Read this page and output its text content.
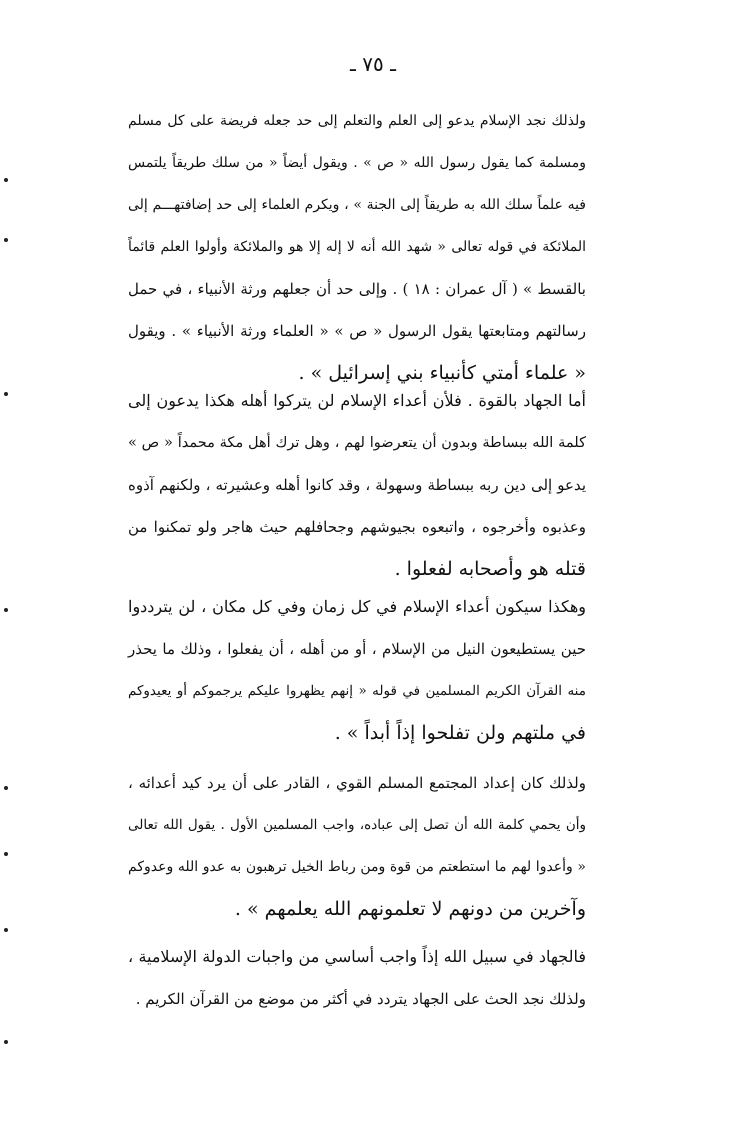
ـ ٧٥ ـ
ولذلك نجد الإسلام يدعو إلى العلم والتعلم إلى حد جعله فريضة على كل مسلم
ومسلمة كما يقول رسول الله « ص » . ويقول أيضاً « من سلك طريقاً يلتمس
فيه علماً سلك الله به طريقاً إلى الجنة » ، ويكرم العلماء إلى حد إضافتهـــم إلى
الملائكة في قوله تعالى « شهد الله أنه لا إله إلا هو والملائكة وأولوا العلم قائماً
بالقسط » ( آل عمران : ١٨ ) . وإلى حد أن جعلهم ورثة الأنبياء ، في حمل
رسالتهم ومتابعتها يقول الرسول « ص » « العلماء ورثة الأنبياء » . ويقول
« علماء أمتي كأنبياء بني إسرائيل » .
أما الجهاد بالقوة . فلأن أعداء الإسلام لن يتركوا أهله هكذا يدعون إلى
كلمة الله ببساطة وبدون أن يتعرضوا لهم ، وهل ترك أهل مكة محمداً « ص »
يدعو إلى دين ربه ببساطة وسهولة ، وقد كانوا أهله وعشيرته ، ولكنهم آذوه
وعذبوه وأخرجوه ، واتبعوه بجيوشهم وجحافلهم حيث هاجر ولو تمكنوا من
قتله هو وأصحابه لفعلوا .
وهكذا سيكون أعداء الإسلام في كل زمان وفي كل مكان ، لن يترددوا
حين يستطيعون النيل من الإسلام ، أو من أهله ، أن يفعلوا ، وذلك ما يحذر
منه القرآن الكريم المسلمين في قوله « إنهم يظهروا عليكم يرجموكم أو يعيدوكم
في ملتهم ولن تفلحوا إذاً أبداً » .
ولذلك كان إعداد المجتمع المسلم القوي ، القادر على أن يرد كيد أعدائه ،
وأن يحمي كلمة الله أن تصل إلى عباده، واجب المسلمين الأول . يقول الله تعالى
« وأعدوا لهم ما استطعتم من قوة ومن رباط الخيل ترهبون به عدو الله وعدوكم
وآخرين من دونهم لا تعلمونهم الله يعلمهم » .
فالجهاد في سبيل الله إذاً واجب أساسي من واجبات الدولة الإسلامية ،
ولذلك نجد الحث على الجهاد يتردد في أكثر من موضع من القرآن الكريم .
